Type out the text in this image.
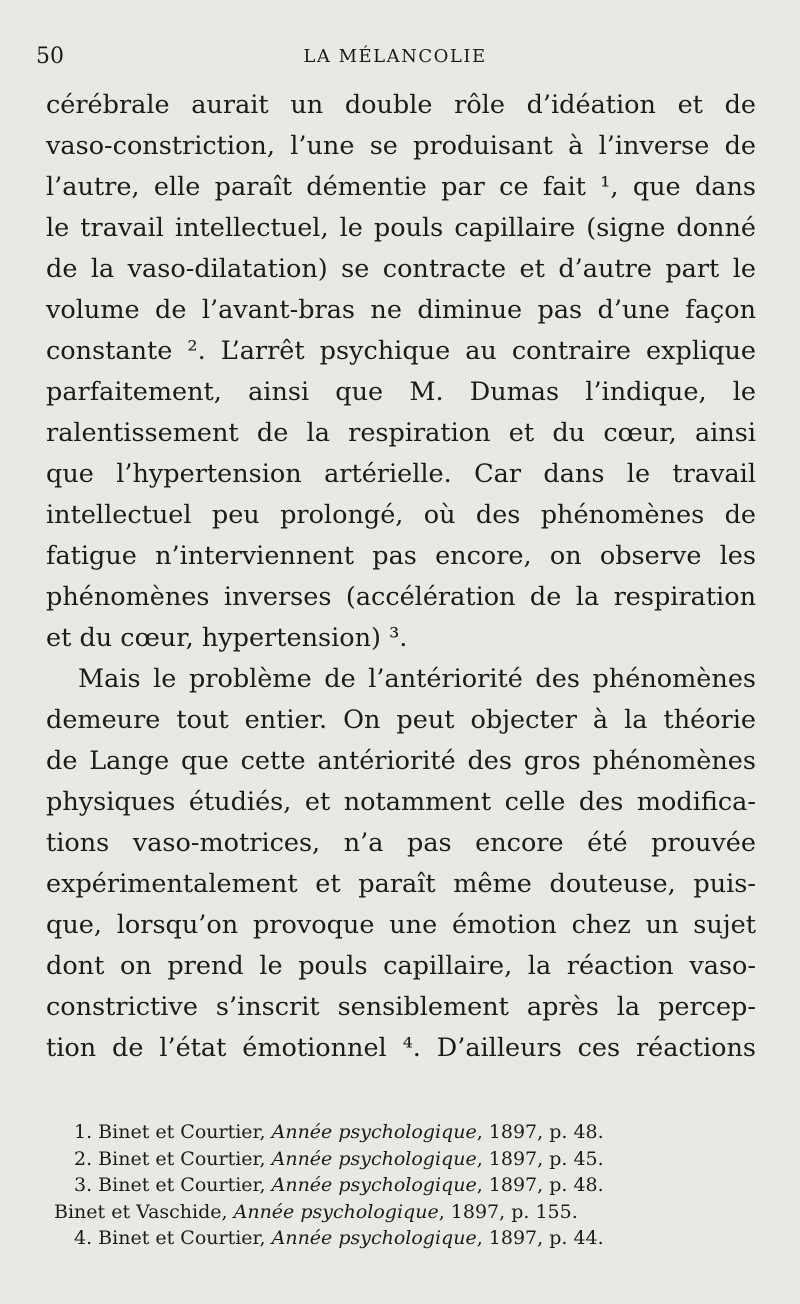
50	LA MÉLANCOLIE
cérébrale aurait un double rôle d’idéation et de
vaso-constriction, l’une se produisant à l’inverse de
l’autre, elle paraît démentie par ce fait ¹, que dans
le travail intellectuel, le pouls capillaire (signe donné
de la vaso-dilatation) se contracte et d’autre part le
volume de l’avant-bras ne diminue pas d’une façon
constante ². L’arrêt psychique au contraire explique
parfaitement, ainsi que M. Dumas l’indique, le
ralentissement de la respiration et du cœur, ainsi
que l’hypertension artérielle. Car dans le travail
intellectuel peu prolongé, où des phénomènes de
fatigue n’interviennent pas encore, on observe les
phénomènes inverses (accélération de la respiration
et du cœur, hypertension) ³.
Mais le problème de l’antériorité des phénomènes
demeure tout entier. On peut objecter à la théorie
de Lange que cette antériorité des gros phénomènes
physiques étudiés, et notamment celle des modifica-
tions vaso-motrices, n’a pas encore été prouvée
expérimentalement et paraît même douteuse, puis-
que, lorsqu’on provoque une émotion chez un sujet
dont on prend le pouls capillaire, la réaction vaso-
constrictive s’inscrit sensiblement après la percep-
tion de l’état émotionnel ⁴. D’ailleurs ces réactions
1. Binet et Courtier, Année psychologique, 1897, p. 48.
2. Binet et Courtier, Année psychologique, 1897, p. 45.
3. Binet et Courtier, Année psychologique, 1897, p. 48.
Binet et Vaschide, Année psychologique, 1897, p. 155.
4. Binet et Courtier, Année psychologique, 1897, p. 44.
